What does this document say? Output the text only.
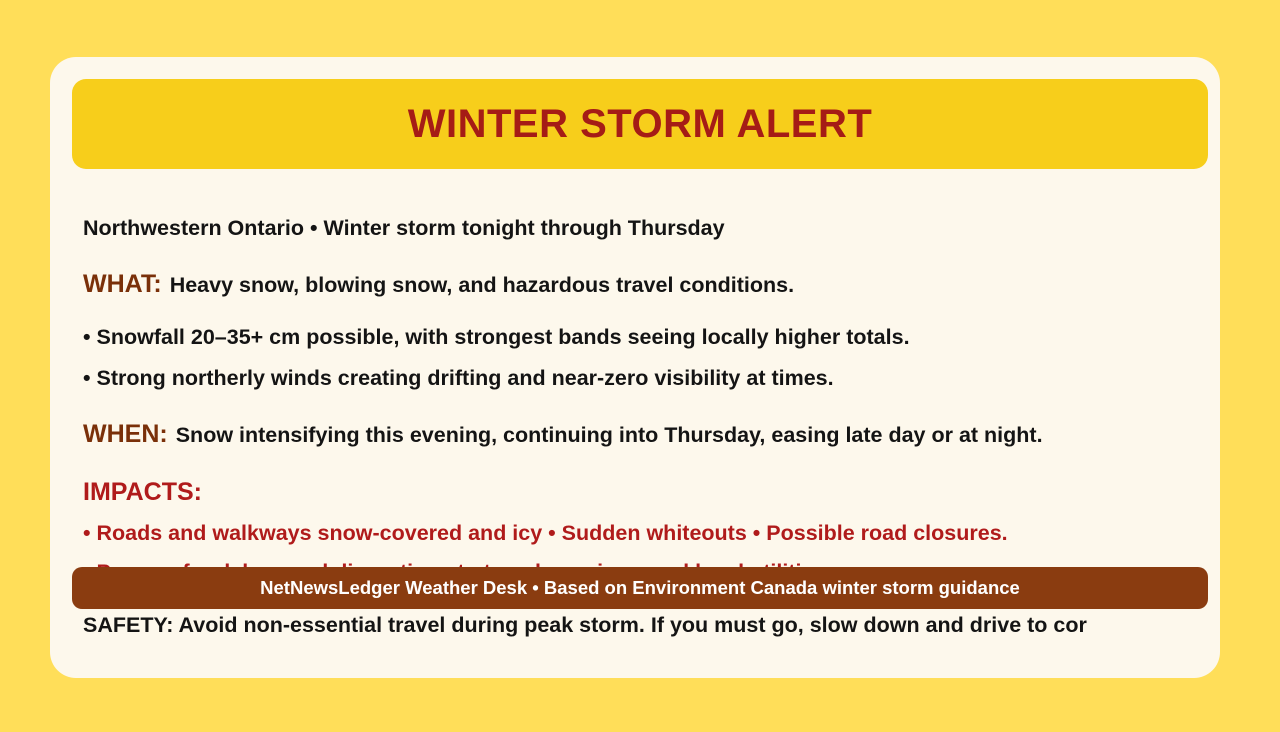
WINTER STORM ALERT
Northwestern Ontario • Winter storm tonight through Thursday
WHAT: Heavy snow, blowing snow, and hazardous travel conditions.
• Snowfall 20–35+ cm possible, with strongest bands seeing locally higher totals.
• Strong northerly winds creating drifting and near-zero visibility at times.
WHEN: Snow intensifying this evening, continuing into Thursday, easing late day or at night.
IMPACTS:
• Roads and walkways snow-covered and icy • Sudden whiteouts • Possible road closures.
SAFETY: Avoid non-essential travel during peak storm. If you must go, slow down and drive to cor
NetNewsLedger Weather Desk • Based on Environment Canada winter storm guidance
